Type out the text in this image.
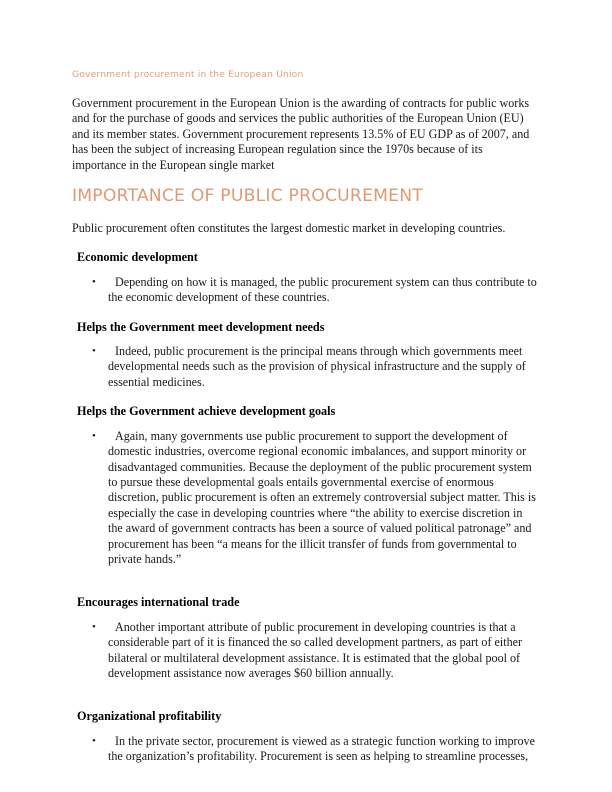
Government procurement in the European Union

Government procurement in the European Union is the awarding of contracts for public works and for the purchase of goods and services the public authorities of the European Union (EU) and its member states. Government procurement represents 13.5% of EU GDP as of 2007, and has been the subject of increasing European regulation since the 1970s because of its importance in the European single market

IMPORTANCE OF PUBLIC PROCUREMENT

Public procurement often constitutes the largest domestic market in developing countries.

Economic development
• Depending on how it is managed, the public procurement system can thus contribute to the economic development of these countries.
Helps the Government meet development needs
• Indeed, public procurement is the principal means through which governments meet developmental needs such as the provision of physical infrastructure and the supply of essential medicines.
Helps the Government achieve development goals
• Again, many governments use public procurement to support the development of domestic industries, overcome regional economic imbalances, and support minority or disadvantaged communities. Because the deployment of the public procurement system to pursue these developmental goals entails governmental exercise of enormous discretion, public procurement is often an extremely controversial subject matter. This is especially the case in developing countries where “the ability to exercise discretion in the award of government contracts has been a source of valued political patronage” and procurement has been “a means for the illicit transfer of funds from governmental to private hands.”
Encourages international trade
• Another important attribute of public procurement in developing countries is that a considerable part of it is financed the so called development partners, as part of either bilateral or multilateral development assistance. It is estimated that the global pool of development assistance now averages $60 billion annually.
Organizational profitability
• In the private sector, procurement is viewed as a strategic function working to improve the organization’s profitability. Procurement is seen as helping to streamline processes,
